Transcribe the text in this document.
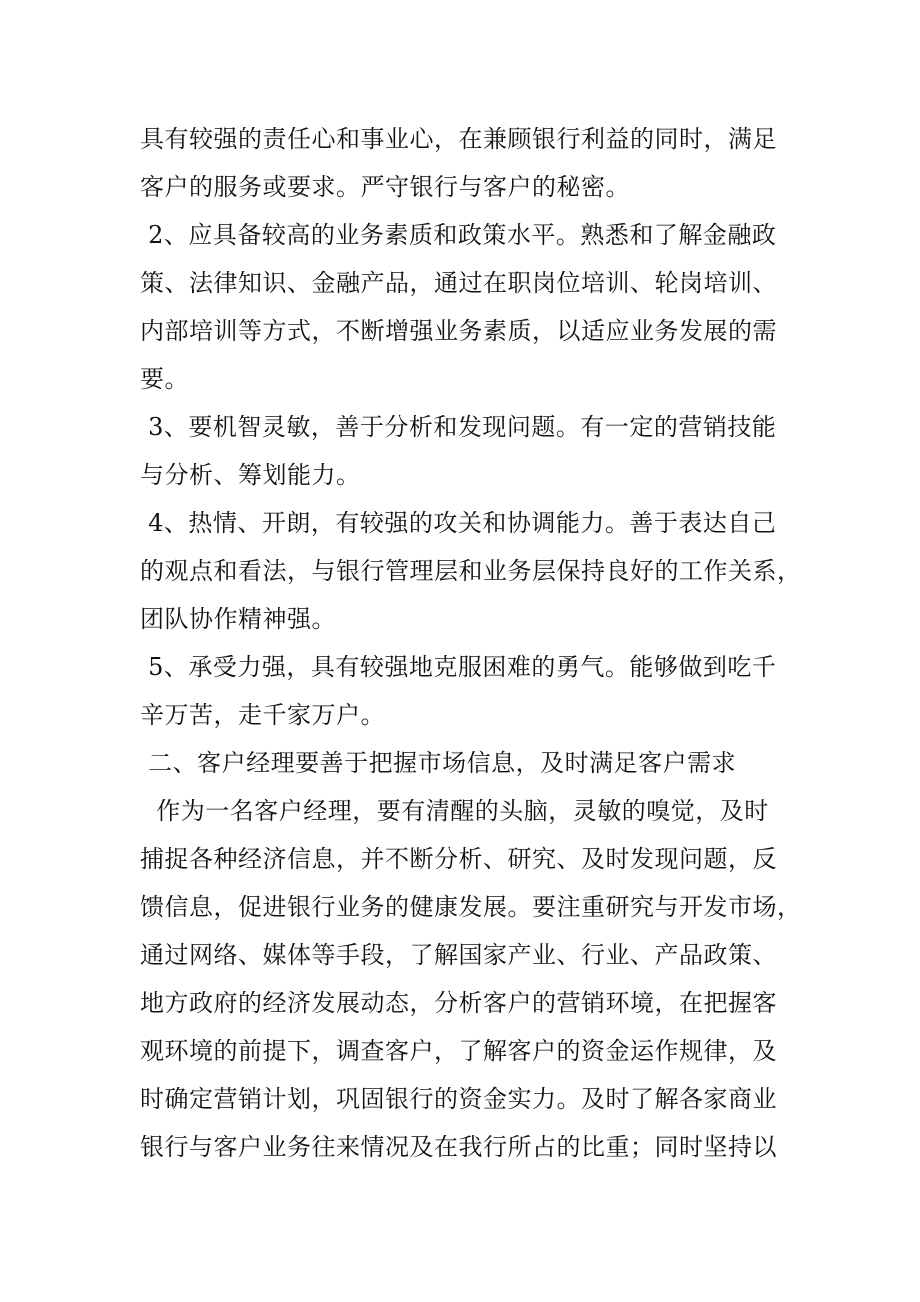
具有较强的责任心和事业心，在兼顾银行利益的同时，满足
客户的服务或要求。严守银行与客户的秘密。
2、应具备较高的业务素质和政策水平。熟悉和了解金融政
策、法律知识、金融产品，通过在职岗位培训、轮岗培训、
内部培训等方式，不断增强业务素质，以适应业务发展的需
要。
3、要机智灵敏，善于分析和发现问题。有一定的营销技能
与分析、筹划能力。
4、热情、开朗，有较强的攻关和协调能力。善于表达自己
的观点和看法，与银行管理层和业务层保持良好的工作关系，
团队协作精神强。
5、承受力强，具有较强地克服困难的勇气。能够做到吃千
辛万苦，走千家万户。
二、客户经理要善于把握市场信息，及时满足客户需求
作为一名客户经理，要有清醒的头脑，灵敏的嗅觉，及时
捕捉各种经济信息，并不断分析、研究、及时发现问题，反
馈信息，促进银行业务的健康发展。要注重研究与开发市场，
通过网络、媒体等手段，了解国家产业、行业、产品政策、
地方政府的经济发展动态，分析客户的营销环境，在把握客
观环境的前提下，调查客户，了解客户的资金运作规律，及
时确定营销计划，巩固银行的资金实力。及时了解各家商业
银行与客户业务往来情况及在我行所占的比重；同时坚持以
